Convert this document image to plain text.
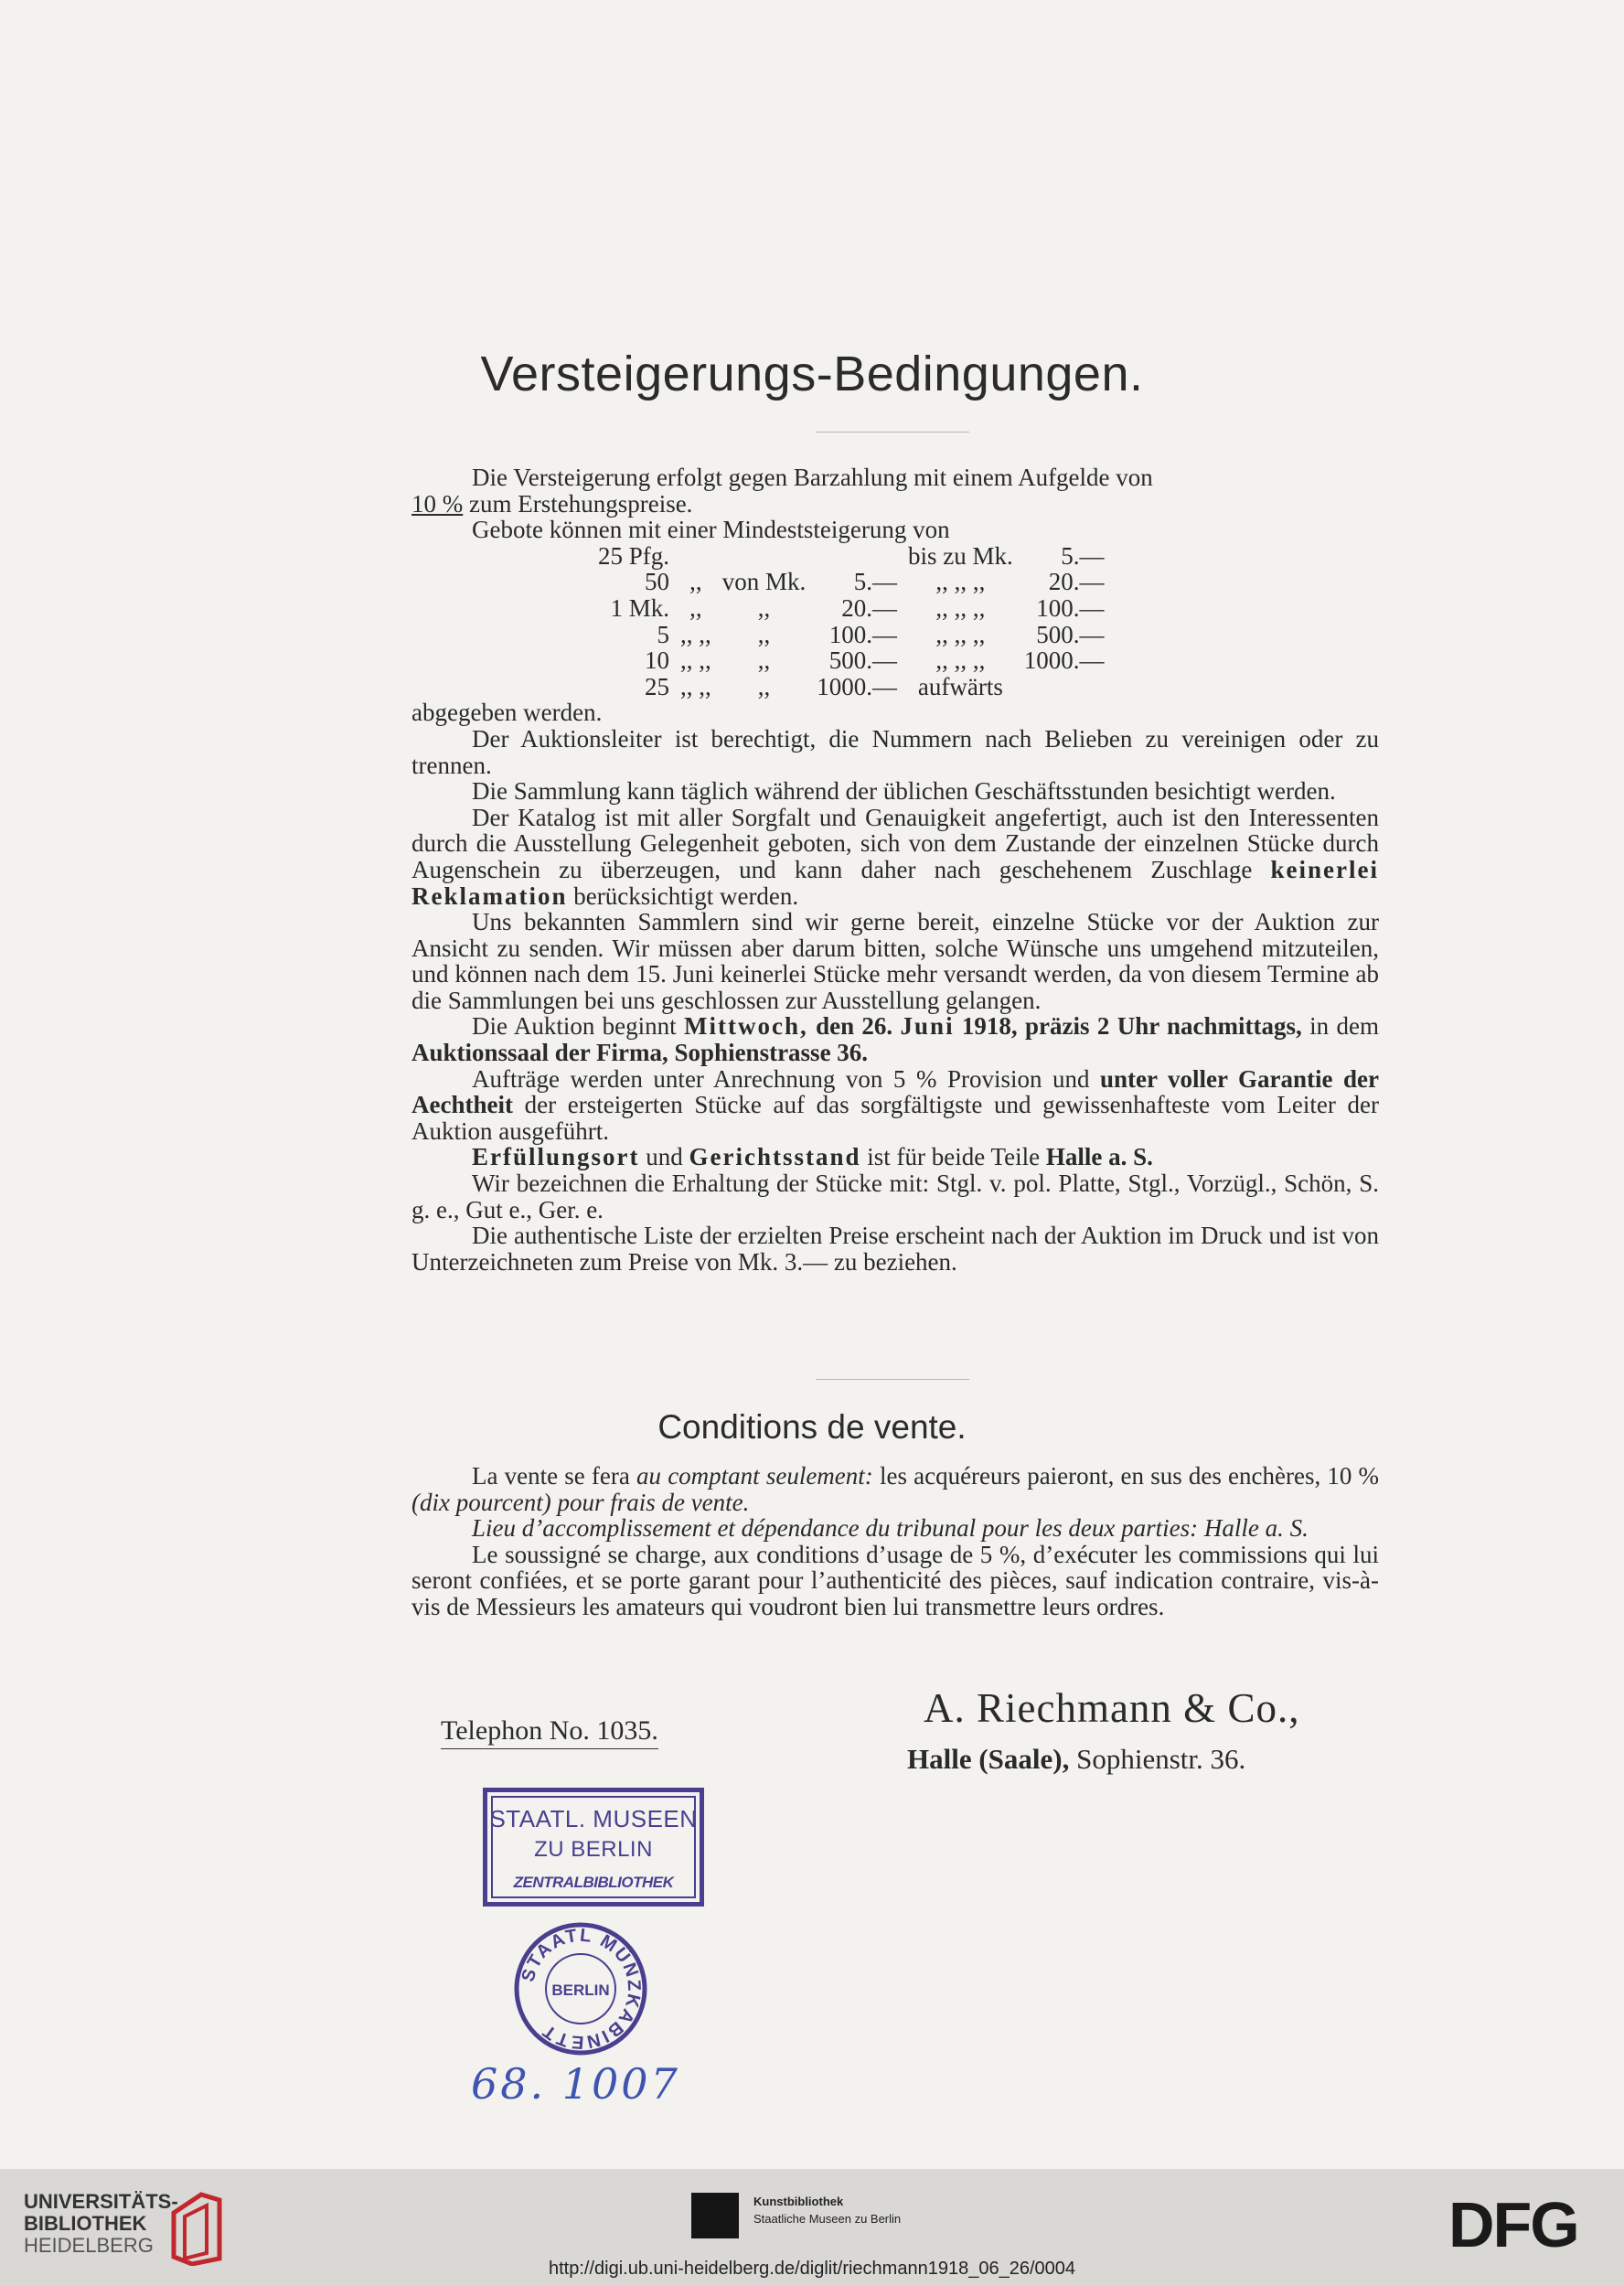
Versteigerungs-Bedingungen.
Die Versteigerung erfolgt gegen Barzahlung mit einem Aufgelde von
10 % zum Erstehungspreise.
Gebote können mit einer Mindeststeigerung von
25 Pfg.				bis zu Mk.	5.—
50	,,	von Mk.	5.—	,, ,, ,,	20.—
1 Mk.	,,	,,	20.—	,, ,, ,,	100.—
5	,, ,,	,,	100.—	,, ,, ,,	500.—
10	,, ,,	,,	500.—	,, ,, ,,	1000.—
25	,, ,,	,,	1000.—	aufwärts	
abgegeben werden.
Der Auktionsleiter ist berechtigt, die Nummern nach Belieben zu vereinigen oder zu trennen.
Die Sammlung kann täglich während der üblichen Geschäftsstunden besichtigt werden.
Der Katalog ist mit aller Sorgfalt und Genauigkeit angefertigt, auch ist den Interessenten durch die Ausstellung Gelegenheit geboten, sich von dem Zustande der einzelnen Stücke durch Augenschein zu überzeugen, und kann daher nach geschehenem Zuschlage keinerlei Reklamation berücksichtigt werden.
Uns bekannten Sammlern sind wir gerne bereit, einzelne Stücke vor der Auktion zur Ansicht zu senden. Wir müssen aber darum bitten, solche Wünsche uns umgehend mitzuteilen, und können nach dem 15. Juni keinerlei Stücke mehr versandt werden, da von diesem Termine ab die Sammlungen bei uns geschlossen zur Ausstellung gelangen.
Die Auktion beginnt Mittwoch, den 26. Juni 1918, präzis 2 Uhr nachmittags, in dem Auktionssaal der Firma, Sophienstrasse 36.
Aufträge werden unter Anrechnung von 5 % Provision und unter voller Garantie der Aechtheit der ersteigerten Stücke auf das sorgfältigste und gewissenhafteste vom Leiter der Auktion ausgeführt.
Erfüllungsort und Gerichtsstand ist für beide Teile Halle a. S.
Wir bezeichnen die Erhaltung der Stücke mit: Stgl. v. pol. Platte, Stgl., Vorzügl., Schön, S. g. e., Gut e., Ger. e.
Die authentische Liste der erzielten Preise erscheint nach der Auktion im Druck und ist von Unterzeichneten zum Preise von Mk. 3.— zu beziehen.
Conditions de vente.
La vente se fera au comptant seulement: les acquéreurs paieront, en sus des enchères, 10 % (dix pourcent) pour frais de vente.
Lieu d’accomplissement et dépendance du tribunal pour les deux parties: Halle a. S.
Le soussigné se charge, aux conditions d’usage de 5 %, d’exécuter les commissions qui lui seront confiées, et se porte garant pour l’authenticité des pièces, sauf indication contraire, vis-à-vis de Messieurs les amateurs qui voudront bien lui transmettre leurs ordres.
Telephon No. 1035.	A. Riechmann & Co.,
Halle (Saale), Sophienstr. 36.
STAATL. MUSEEN
ZU BERLIN
ZENTRALBIBLIOTHEK
STAATL MÜNZKABINETT
BERLIN
68. 1007
UNIVERSITÄTS-
BIBLIOTHEK
HEIDELBERG
Kunstbibliothek
Staatliche Museen zu Berlin	DFG
http://digi.ub.uni-heidelberg.de/diglit/riechmann1918_06_26/0004
